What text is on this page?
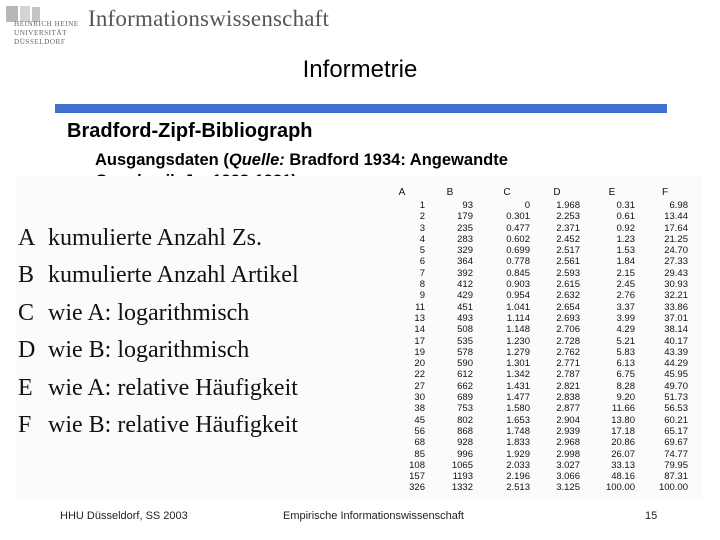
HEINRICH HEINE
UNIVERSITÄT
DÜSSELDORF
Informationswissenschaft
Informetrie
Bradford-Zipf-Bibliograph
Ausgangsdaten (Quelle: Bradford 1934: Angewandte

A kumulierte Anzahl Zs.
B kumulierte Anzahl Artikel
C wie A: logarithmisch
D wie B: logarithmisch
E wie A: relative Häufigkeit
F wie B: relative Häufigkeit
A
1
2
3
4
5
6
7
8
9
11
13
14
17
19
20
22
27
30
38
45
56
68
85
108
157
326
B
93
179
235
283
329
364
392
412
429
451
493
508
535
578
590
612
662
689
753
802
868
928
996
1065
1193
1332
C
0
0.301
0.477
0.602
0.699
0.778
0.845
0.903
0.954
1.041
1.114
1.148
1.230
1.279
1.301
1.342
1.431
1.477
1.580
1.653
1.748
1.833
1.929
2.033
2.196
2.513
D
1.968
2.253
2.371
2.452
2.517
2.561
2.593
2.615
2.632
2.654
2.693
2.706
2.728
2.762
2.771
2.787
2.821
2.838
2.877
2.904
2.939
2.968
2.998
3.027
3.066
3.125
E
0.31
0.61
0.92
1.23
1.53
1.84
2.15
2.45
2.76
3.37
3.99
4.29
5.21
5.83
6.13
6.75
8.28
9.20
11.66
13.80
17.18
20.86
26.07
33.13
48.16
100.00
F
6.98
13.44
17.64
21.25
24.70
27.33
29.43
30.93
32.21
33.86
37.01
38.14
40.17
43.39
44.29
45.95
49.70
51.73
56.53
60.21
65.17
69.67
74.77
79.95
87.31
100.00
HHU Düsseldorf, SS 2003	Empirische Informationswissenschaft	15
